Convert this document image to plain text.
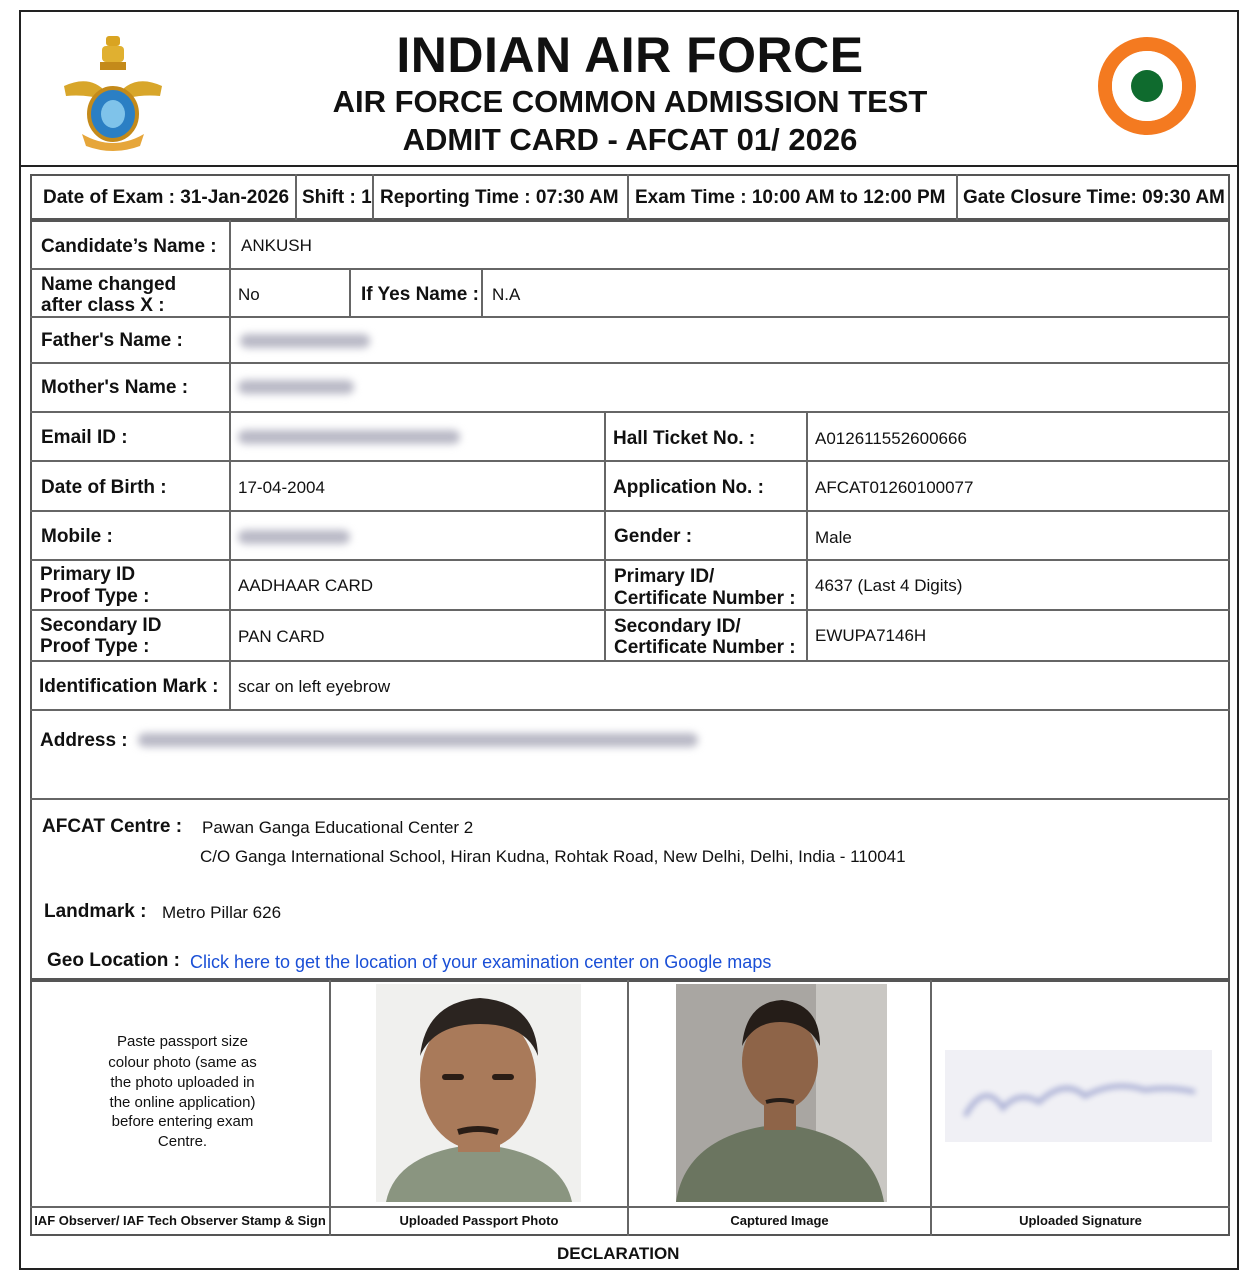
INDIAN AIR FORCE
AIR FORCE COMMON ADMISSION TEST
ADMIT CARD - AFCAT 01/ 2026
Date of Exam : 31-Jan-2026 Shift : 1 Reporting Time : 07:30 AM Exam Time : 10:00 AM to 12:00 PM Gate Closure Time: 09:30 AM
Candidate’s Name : ANKUSH
Name changed
after class X :
No	If Yes Name : N.A
Father's Name :
Mother's Name :
Email ID :	Hall Ticket No. :	A012611552600666
Date of Birth :	17-04-2004	Application No. :	AFCAT01260100077
Mobile :	Gender :	Male
Primary ID
Proof Type :
AADHAAR CARD	Primary ID/
Certificate Number :
4637 (Last 4 Digits)
Secondary ID
Proof Type :	PAN CARD	Secondary ID/
Certificate Number :
EWUPA7146H
Identification Mark : scar on left eyebrow
Address :
AFCAT Centre : Pawan Ganga Educational Center 2
C/O Ganga International School, Hiran Kudna, Rohtak Road, New Delhi, Delhi, India - 110041
Landmark : Metro Pillar 626
Geo Location : Click here to get the location of your examination center on Google maps
Paste passport size
colour photo (same as
the photo uploaded in
the online application)
before entering exam
Centre.
IAF Observer/ IAF Tech Observer Stamp & Sign	Uploaded Passport Photo	Captured Image	Uploaded Signature
DECLARATION
